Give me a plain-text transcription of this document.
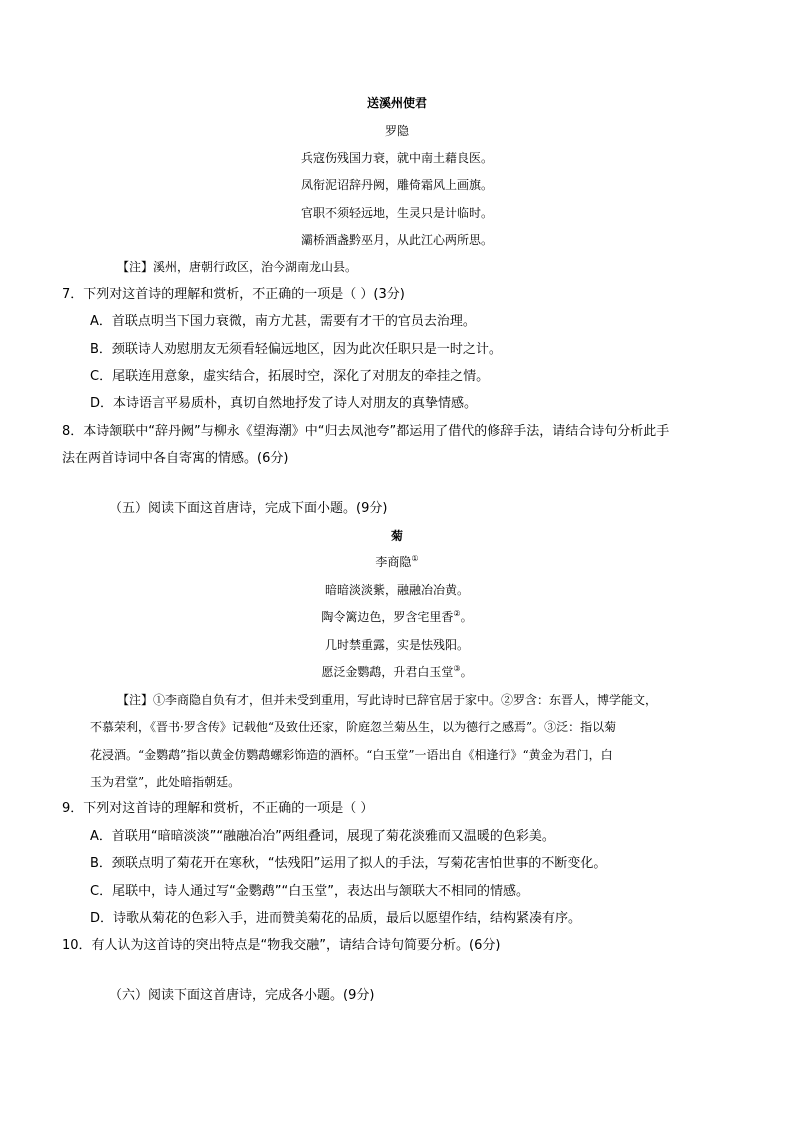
送溪州使君
罗隐
兵寇伤残国力衰，就中南土藉良医。
凤衔泥诏辞丹阙，雕倚霜风上画旗。
官职不须轻远地，生灵只是计临时。
灞桥酒盏黔巫月，从此江心两所思。
【注】溪州，唐朝行政区，治今湖南龙山县。
7．下列对这首诗的理解和赏析，不正确的一项是（ ）(3分)
A．首联点明当下国力衰微，南方尤甚，需要有才干的官员去治理。
B．颈联诗人劝慰朋友无须看轻偏远地区，因为此次任职只是一时之计。
C．尾联连用意象，虚实结合，拓展时空，深化了对朋友的牵挂之情。
D．本诗语言平易质朴，真切自然地抒发了诗人对朋友的真挚情感。
8．本诗颔联中“辞丹阙”与柳永《望海潮》中“归去凤池夸”都运用了借代的修辞手法，请结合诗句分析此手
法在两首诗词中各自寄寓的情感。(6分)
（五）阅读下面这首唐诗，完成下面小题。(9分)
菊
李商隐①
暗暗淡淡紫，融融冶冶黄。
陶令篱边色，罗含宅里香②。
几时禁重露，实是怯残阳。
愿泛金鹦鹉，升君白玉堂③。
【注】①李商隐自负有才，但并未受到重用，写此诗时已辞官居于家中。②罗含：东晋人，博学能文，
不慕荣利，《晋书·罗含传》记载他“及致仕还家，阶庭忽兰菊丛生，以为德行之感焉”。③泛：指以菊
花浸酒。“金鹦鹉”指以黄金仿鹦鹉螺彩饰造的酒杯。“白玉堂”一语出自《相逢行》“黄金为君门，白
玉为君堂”，此处暗指朝廷。
9．下列对这首诗的理解和赏析，不正确的一项是（ ）
A．首联用“暗暗淡淡”“融融冶冶”两组叠词，展现了菊花淡雅而又温暖的色彩美。
B．颈联点明了菊花开在寒秋，“怯残阳”运用了拟人的手法，写菊花害怕世事的不断变化。
C．尾联中，诗人通过写“金鹦鹉”“白玉堂”，表达出与颔联大不相同的情感。
D．诗歌从菊花的色彩入手，进而赞美菊花的品质，最后以愿望作结，结构紧凑有序。
10．有人认为这首诗的突出特点是“物我交融”，请结合诗句简要分析。(6分)
（六）阅读下面这首唐诗，完成各小题。(9分)
